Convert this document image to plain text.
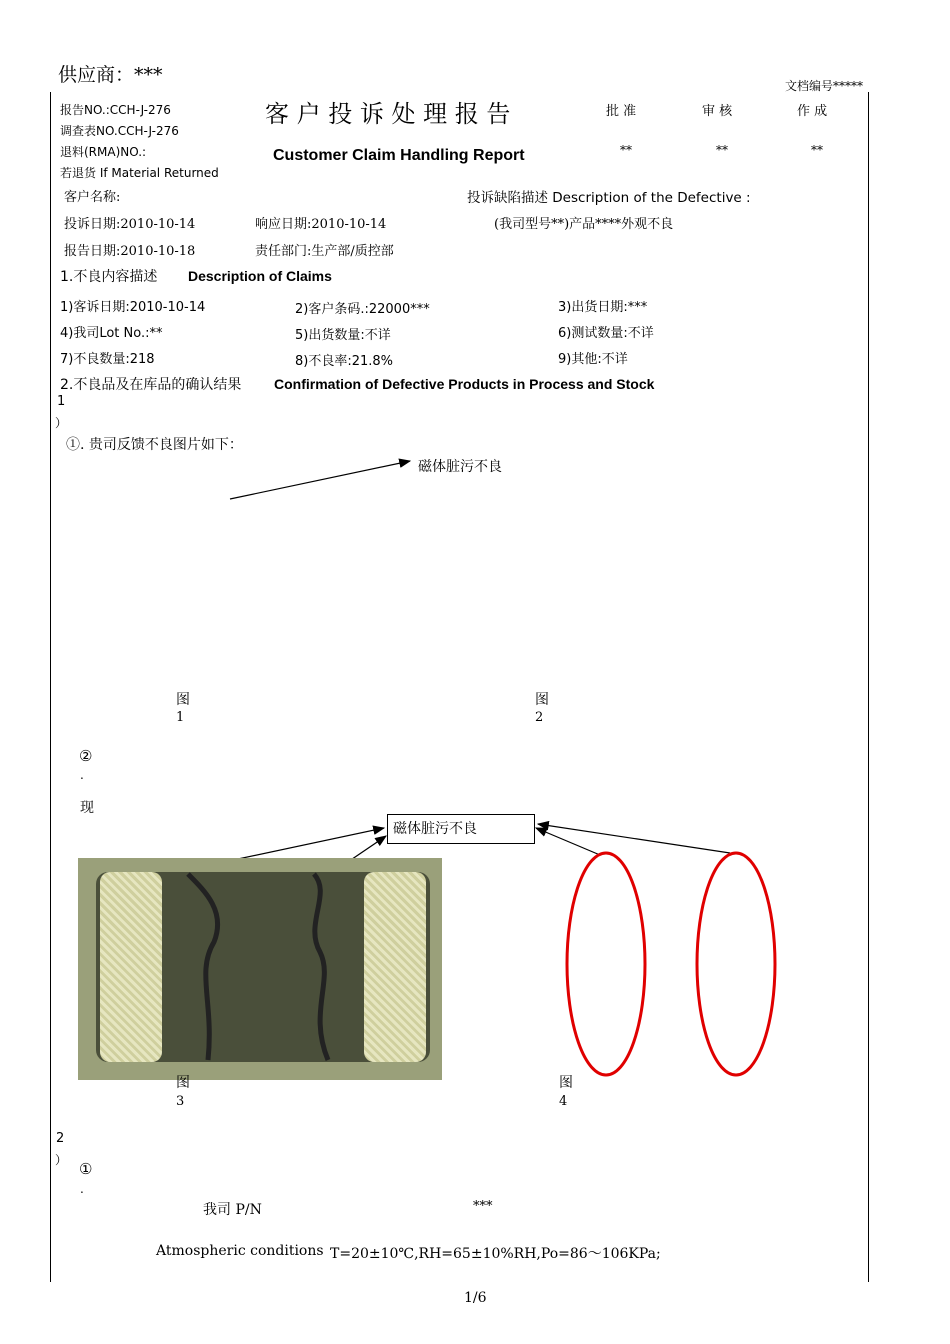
供应商：***	文档编号*****
报告NO.:CCH-J-276
调查表NO.CCH-J-276
退料(RMA)NO.:
若退货 If Material Returned
客 户 投 诉 处 理 报 告
Customer Claim Handling Report
批 准	审 核	作 成
**	**	**
客户名称:	投诉缺陷描述 Description of the Defective :
投诉日期:2010-10-14	响应日期:2010-10-14	(我司型号**)产品****外观不良
报告日期:2010-10-18	责任部门:生产部/质控部
1.不良内容描述 Description of Claims
1)客诉日期:2010-10-14	2)客户条码.:22000***	3)出货日期:***
4)我司Lot No.:**	5)出货数量:不详	6)测试数量:不详
7)不良数量:218	8)不良率:21.8%	9)其他:不详
2.不良品及在库品的确认结果 Confirmation of Defective Products in Process and Stock
1
）
①. 贵司反馈不良图片如下：
磁体脏污不良
图
1
图
2
②
.
现
磁体脏污不良
图
3
图
4
2
） ①
.
我司 P/N	***
Atmospheric conditions T=20±10℃,RH=65±10%RH,Po=86～106KPa;
1/6
